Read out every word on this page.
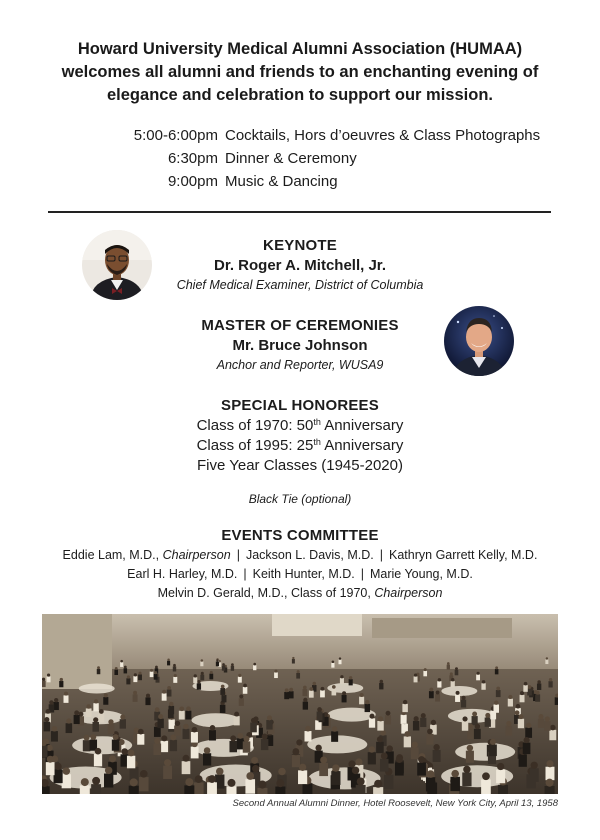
Howard University Medical Alumni Association (HUMAA)
welcomes all alumni and friends to an enchanting evening of
elegance and celebration to support our mission.
5:00-6:00pm Cocktails, Hors d’oeuvres & Class Photographs
6:30pm Dinner & Ceremony
9:00pm Music & Dancing
KEYNOTE
Dr. Roger A. Mitchell, Jr.
Chief Medical Examiner, District of Columbia
MASTER OF CEREMONIES
Mr. Bruce Johnson
Anchor and Reporter, WUSA9
SPECIAL HONOREES
Class of 1970: 50th Anniversary
Class of 1995: 25th Anniversary
Five Year Classes (1945-2020)
Black Tie (optional)
EVENTS COMMITTEE
Eddie Lam, M.D., Chairperson | Jackson L. Davis, M.D. | Kathryn Garrett Kelly, M.D.
Earl H. Harley, M.D. | Keith Hunter, M.D. | Marie Young, M.D.
Melvin D. Gerald, M.D., Class of 1970, Chairperson
Second Annual Alumni Dinner, Hotel Roosevelt, New York City, April 13, 1958
